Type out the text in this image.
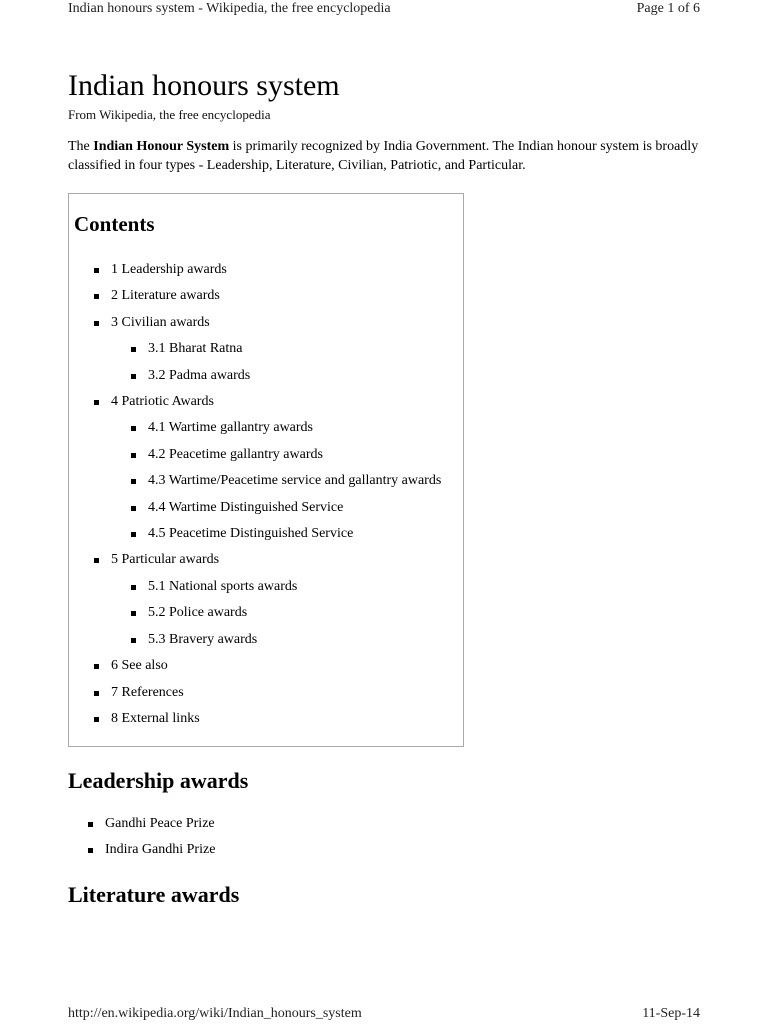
Indian honours system - Wikipedia, the free encyclopedia	Page 1 of 6
Indian honours system
From Wikipedia, the free encyclopedia

The Indian Honour System is primarily recognized by India Government. The Indian honour system is broadly classified in four types - Leadership, Literature, Civilian, Patriotic, and Particular.

Contents
1 Leadership awards
2 Literature awards
3 Civilian awards
3.1 Bharat Ratna
3.2 Padma awards
4 Patriotic Awards
4.1 Wartime gallantry awards
4.2 Peacetime gallantry awards
4.3 Wartime/Peacetime service and gallantry awards
4.4 Wartime Distinguished Service
4.5 Peacetime Distinguished Service
5 Particular awards
5.1 National sports awards
5.2 Police awards
5.3 Bravery awards
6 See also
7 References
8 External links
Leadership awards
Gandhi Peace Prize
Indira Gandhi Prize
Literature awards
http://en.wikipedia.org/wiki/Indian_honours_system	11-Sep-14
